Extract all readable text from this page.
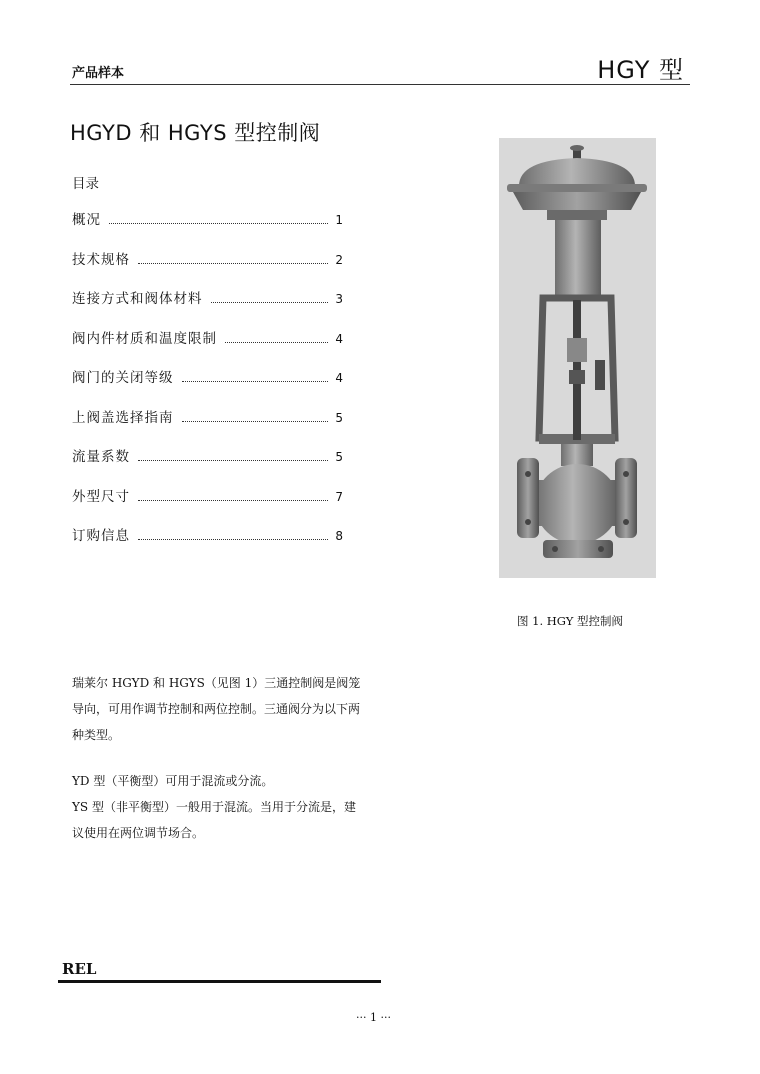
产品样本	HGY 型
HGYD 和 HGYS 型控制阀
目录
概况	1
技术规格	2
连接方式和阀体材料	3
阀内件材质和温度限制	4
阀门的关闭等级	4
上阀盖选择指南	5
流量系数	5
外型尺寸	7
订购信息	8
图 1. HGY 型控制阀

瑞莱尔 HGYD 和 HGYS（见图 1）三通控制阀是阀笼导向，可用作调节控制和两位控制。三通阀分为以下两种类型。

YD 型（平衡型）可用于混流或分流。
YS 型（非平衡型）一般用于混流。当用于分流是，建议使用在两位调节场合。
REL
··· 1 ···
